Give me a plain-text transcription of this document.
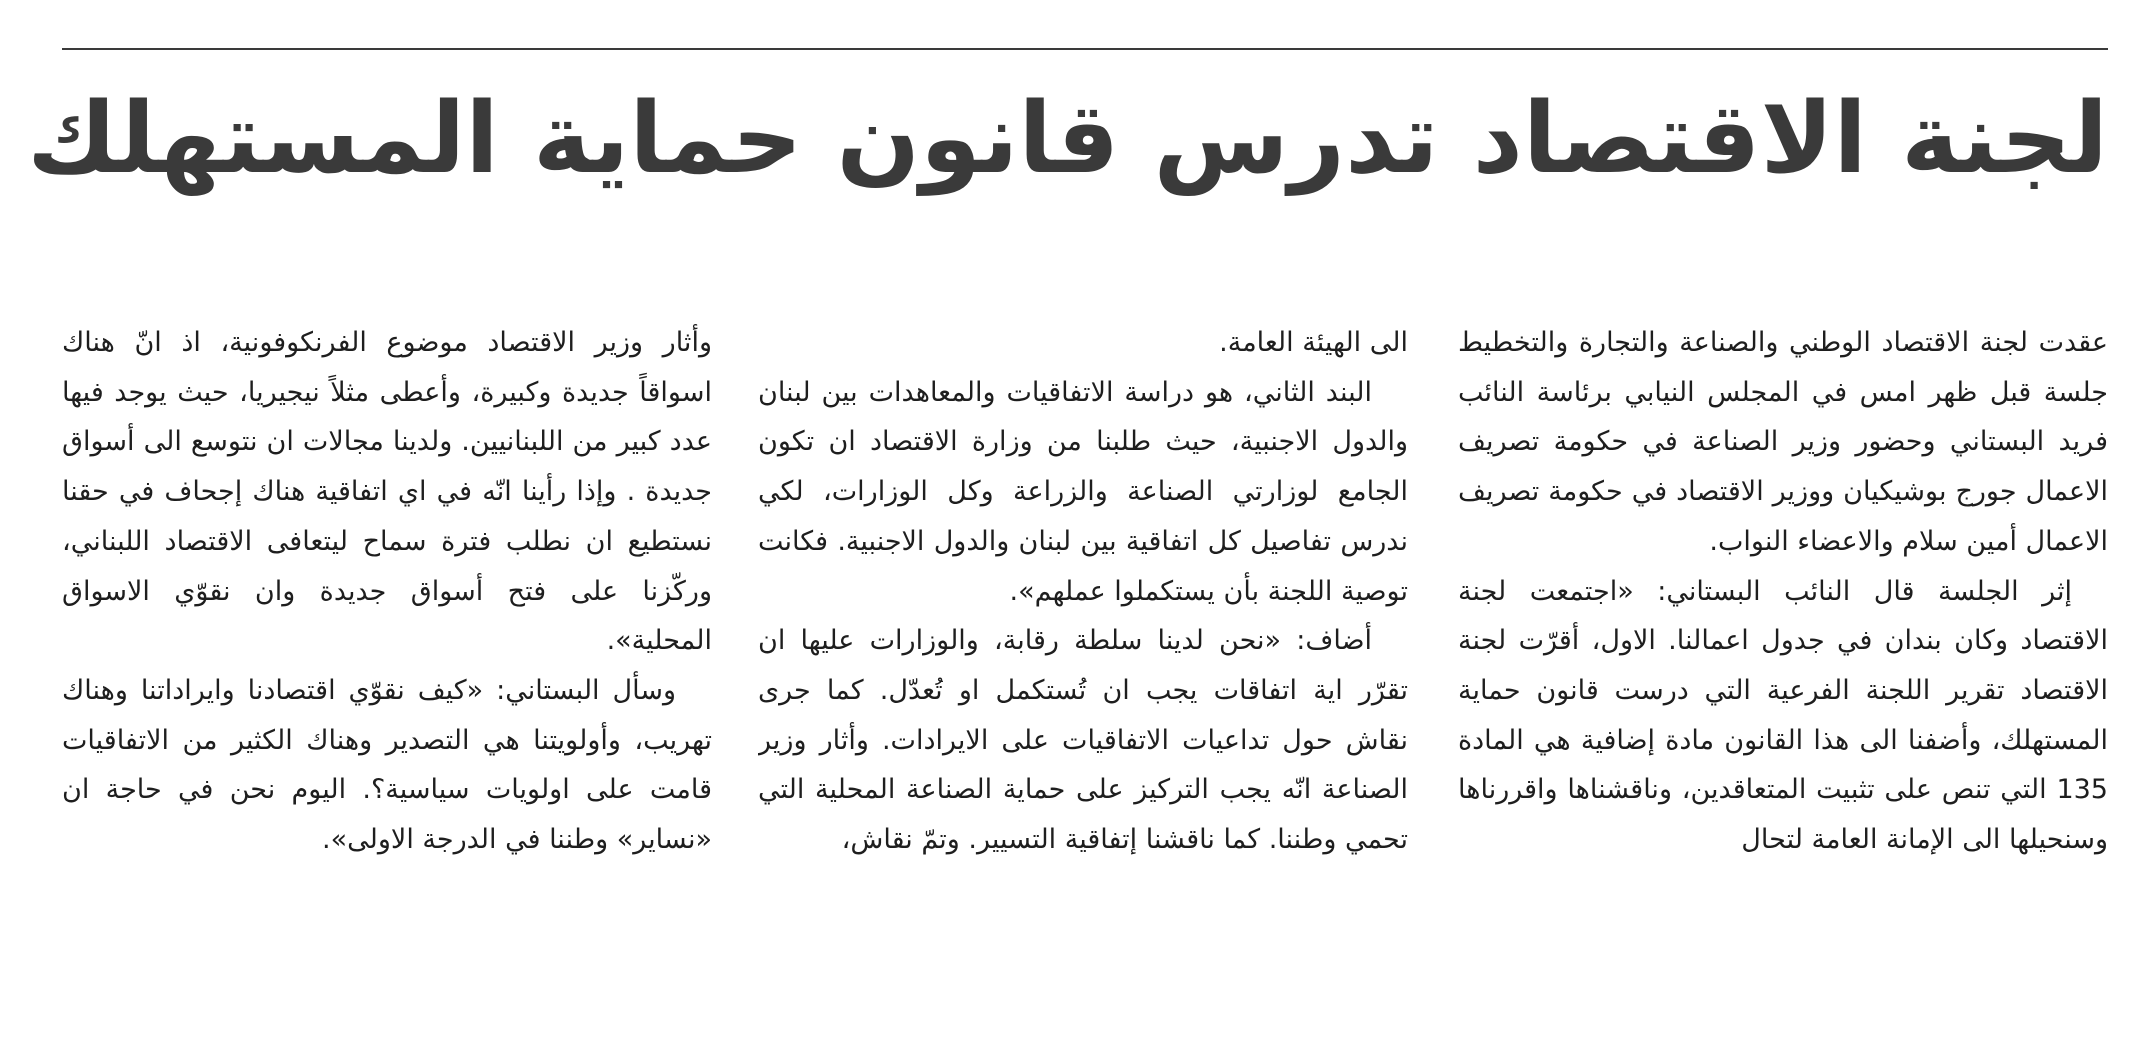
لجنة الاقتصاد تدرس قانون حماية المستهلك

عقدت لجنة الاقتصاد الوطني والصناعة والتجارة والتخطيط جلسة قبل ظهر امس في المجلس النيابي برئاسة النائب فريد البستاني وحضور وزير الصناعة في حكومة تصريف الاعمال جورج بوشيكيان ووزير الاقتصاد في حكومة تصريف الاعمال أمين سلام والاعضاء النواب.

إثر الجلسة قال النائب البستاني: «اجتمعت لجنة الاقتصاد وكان بندان في جدول اعمالنا. الاول، أقرّت لجنة الاقتصاد تقرير اللجنة الفرعية التي درست قانون حماية المستهلك، وأضفنا الى هذا القانون مادة إضافية هي المادة 135 التي تنص على تثبيت المتعاقدين، وناقشناها واقررناها وسنحيلها الى الإمانة العامة لتحال

الى الهيئة العامة.

البند الثاني، هو دراسة الاتفاقيات والمعاهدات بين لبنان والدول الاجنبية، حيث طلبنا من وزارة الاقتصاد ان تكون الجامع لوزارتي الصناعة والزراعة وكل الوزارات، لكي ندرس تفاصيل كل اتفاقية بين لبنان والدول الاجنبية. فكانت توصية اللجنة بأن يستكملوا عملهم».

أضاف: «نحن لدينا سلطة رقابة، والوزارات عليها ان تقرّر اية اتفاقات يجب ان تُستكمل او تُعدّل. كما جرى نقاش حول تداعيات الاتفاقيات على الايرادات. وأثار وزير الصناعة انّه يجب التركيز على حماية الصناعة المحلية التي تحمي وطننا. كما ناقشنا إتفاقية التسيير. وتمّ نقاش،

وأثار وزير الاقتصاد موضوع الفرنكوفونية، اذ انّ هناك اسواقاً جديدة وكبيرة، وأعطى مثلاً نيجيريا، حيث يوجد فيها عدد كبير من اللبنانيين. ولدينا مجالات ان نتوسع الى أسواق جديدة . وإذا رأينا انّه في اي اتفاقية هناك إجحاف في حقنا نستطيع ان نطلب فترة سماح ليتعافى الاقتصاد اللبناني، وركّزنا على فتح أسواق جديدة وان نقوّي الاسواق المحلية».

وسأل البستاني: «كيف نقوّي اقتصادنا وايراداتنا وهناك تهريب، وأولويتنا هي التصدير وهناك الكثير من الاتفاقيات قامت على اولويات سياسية؟. اليوم نحن في حاجة ان «نساير» وطننا في الدرجة الاولى».
